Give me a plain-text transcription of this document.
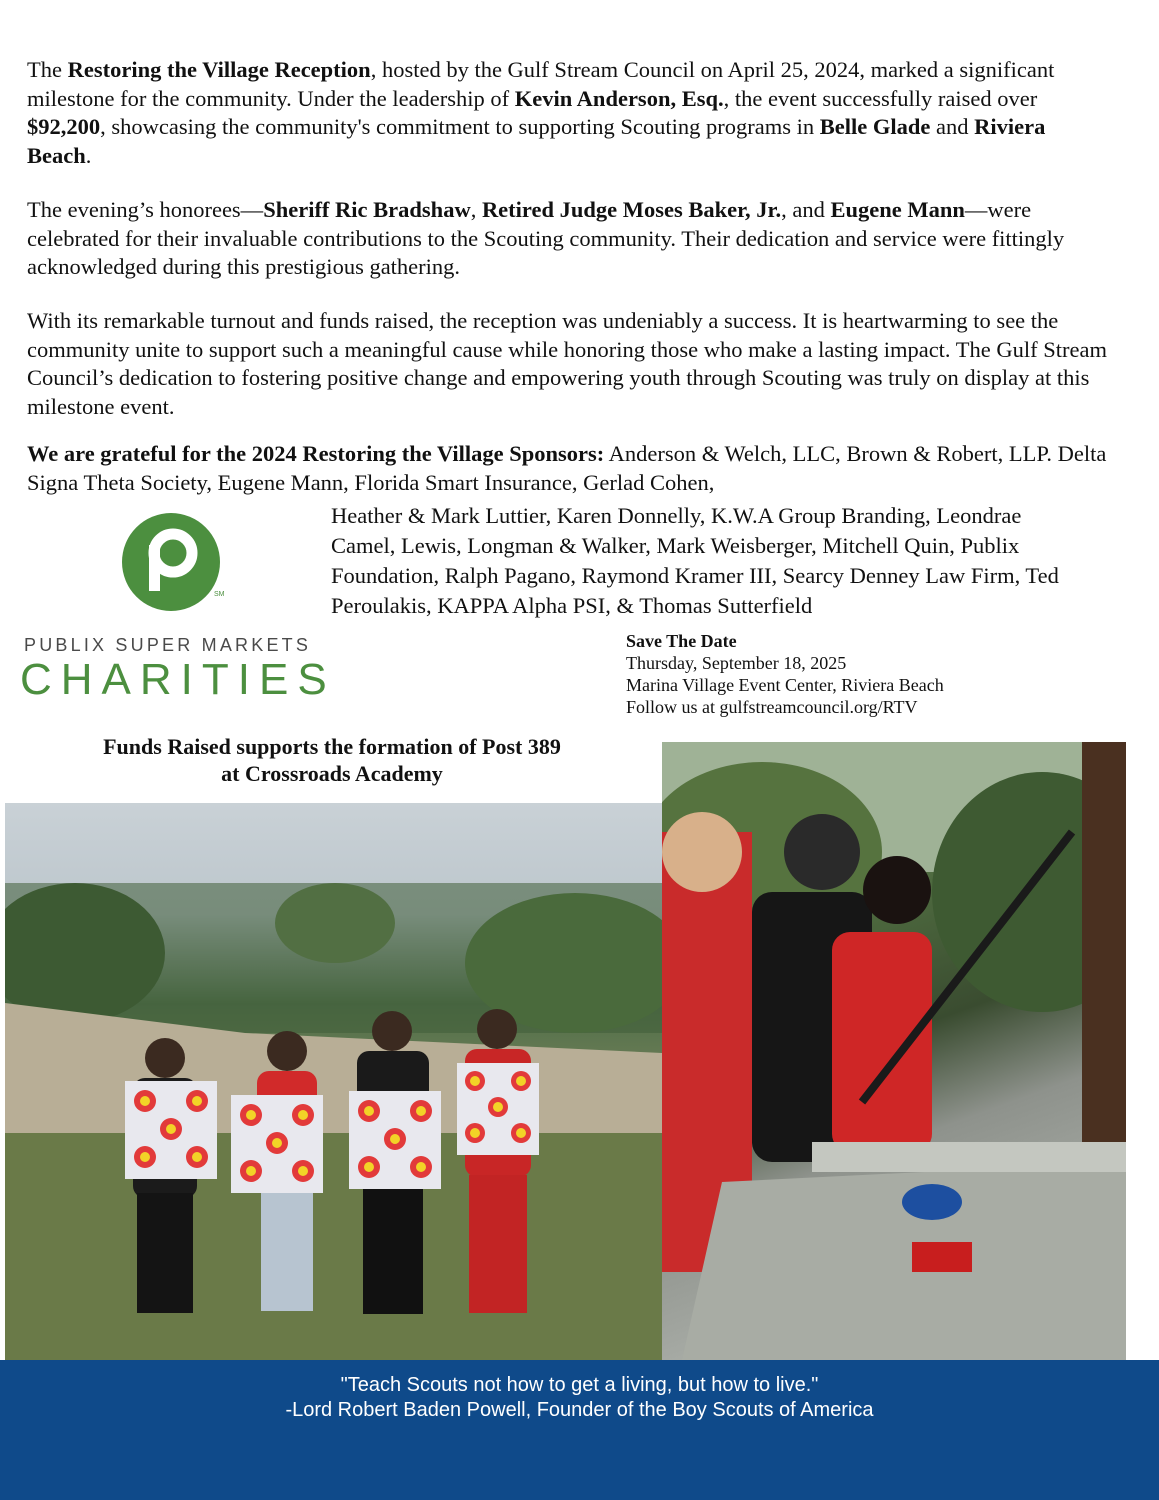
The Restoring the Village Reception, hosted by the Gulf Stream Council on April 25, 2024, marked a significant milestone for the community. Under the leadership of Kevin Anderson, Esq., the event successfully raised over $92,200, showcasing the community's commitment to supporting Scouting programs in Belle Glade and Riviera Beach.

The evening’s honorees—Sheriff Ric Bradshaw, Retired Judge Moses Baker, Jr., and Eugene Mann—were celebrated for their invaluable contributions to the Scouting community. Their dedication and service were fittingly acknowledged during this prestigious gathering.

With its remarkable turnout and funds raised, the reception was undeniably a success. It is heartwarming to see the community unite to support such a meaningful cause while honoring those who make a lasting impact. The Gulf Stream Council’s dedication to fostering positive change and empowering youth through Scouting was truly on display at this milestone event.

We are grateful for the 2024 Restoring the Village Sponsors: Anderson & Welch, LLC, Brown & Robert, LLP. Delta Signa Theta Society, Eugene Mann, Florida Smart Insurance, Gerlad Cohen,

Heather & Mark Luttier, Karen Donnelly, K.W.A Group Branding, Leondrae Camel, Lewis, Longman & Walker, Mark Weisberger, Mitchell Quin, Publix Foundation, Ralph Pagano, Raymond Kramer III, Searcy Denney Law Firm, Ted Peroulakis, KAPPA Alpha PSI, & Thomas Sutterfield

SM
PUBLIX SUPER MARKETS
CHARITIES
Save The Date
Thursday, September 18, 2025
Marina Village Event Center, Riviera Beach
Follow us at gulfstreamcouncil.org/RTV
Funds Raised supports the formation of Post 389
at Crossroads Academy
"Teach Scouts not how to get a living, but how to live."
-Lord Robert Baden Powell, Founder of the Boy Scouts of America
